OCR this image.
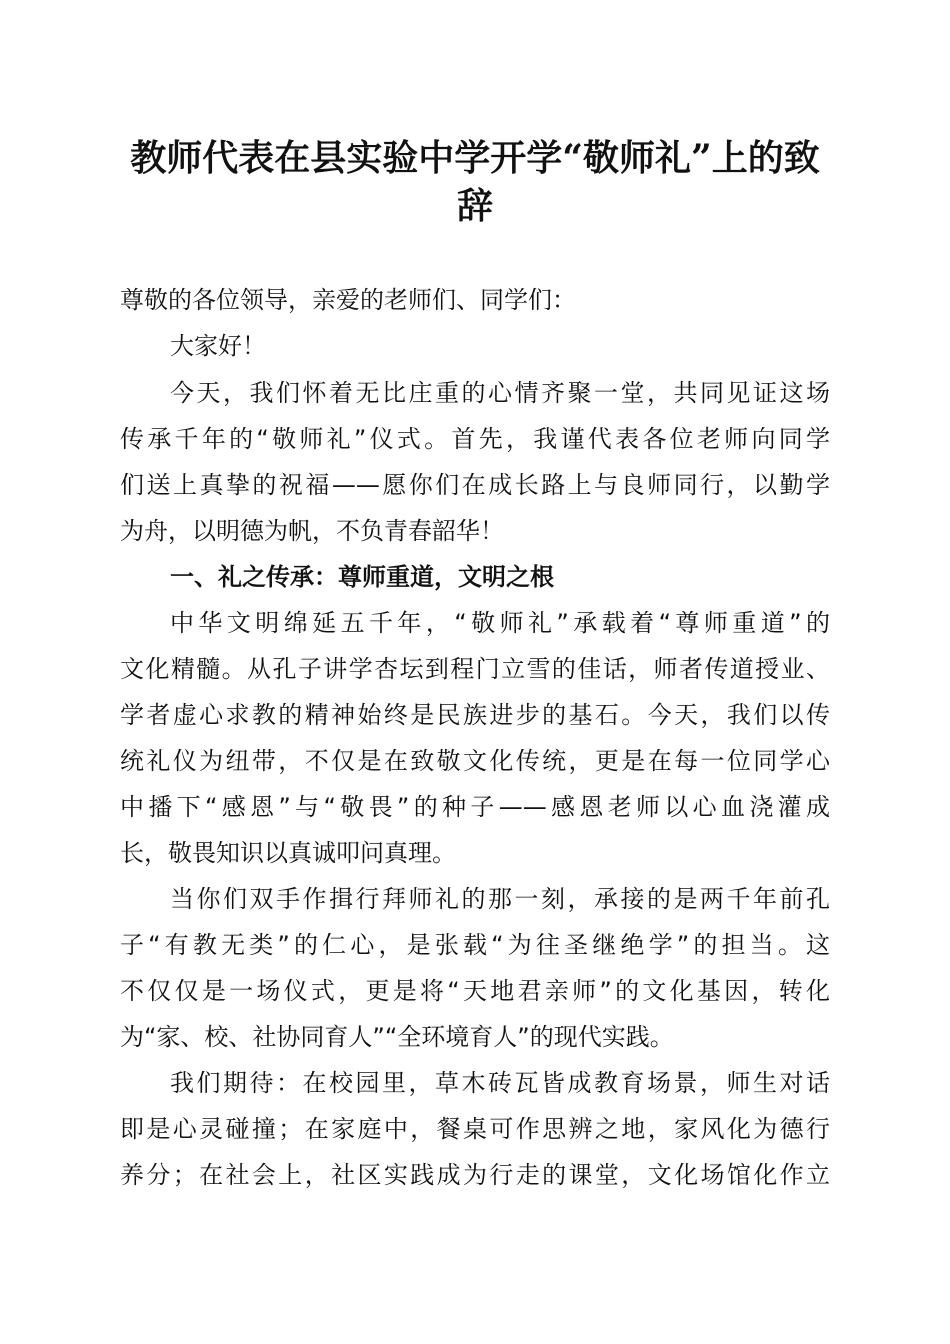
教师代表在县实验中学开学“敬师礼”上的致
辞

尊敬的各位领导，亲爱的老师们、同学们：

大家好！

今天，我们怀着无比庄重的心情齐聚一堂，共同见证这场

传承千年的“敬师礼”仪式。首先，我谨代表各位老师向同学

们送上真挚的祝福——愿你们在成长路上与良师同行，以勤学

为舟，以明德为帆，不负青春韶华！

一、礼之传承：尊师重道，文明之根

中华文明绵延五千年，“敬师礼”承载着“尊师重道”的

文化精髓。从孔子讲学杏坛到程门立雪的佳话，师者传道授业、

学者虚心求教的精神始终是民族进步的基石。今天，我们以传

统礼仪为纽带，不仅是在致敬文化传统，更是在每一位同学心

中播下“感恩”与“敬畏”的种子——感恩老师以心血浇灌成

长，敬畏知识以真诚叩问真理。

当你们双手作揖行拜师礼的那一刻，承接的是两千年前孔

子“有教无类”的仁心，是张载“为往圣继绝学”的担当。这

不仅仅是一场仪式，更是将“天地君亲师”的文化基因，转化

为“家、校、社协同育人”“全环境育人”的现代实践。

我们期待：在校园里，草木砖瓦皆成教育场景，师生对话

即是心灵碰撞；在家庭中，餐桌可作思辨之地，家风化为德行

养分；在社会上，社区实践成为行走的课堂，文化场馆化作立
